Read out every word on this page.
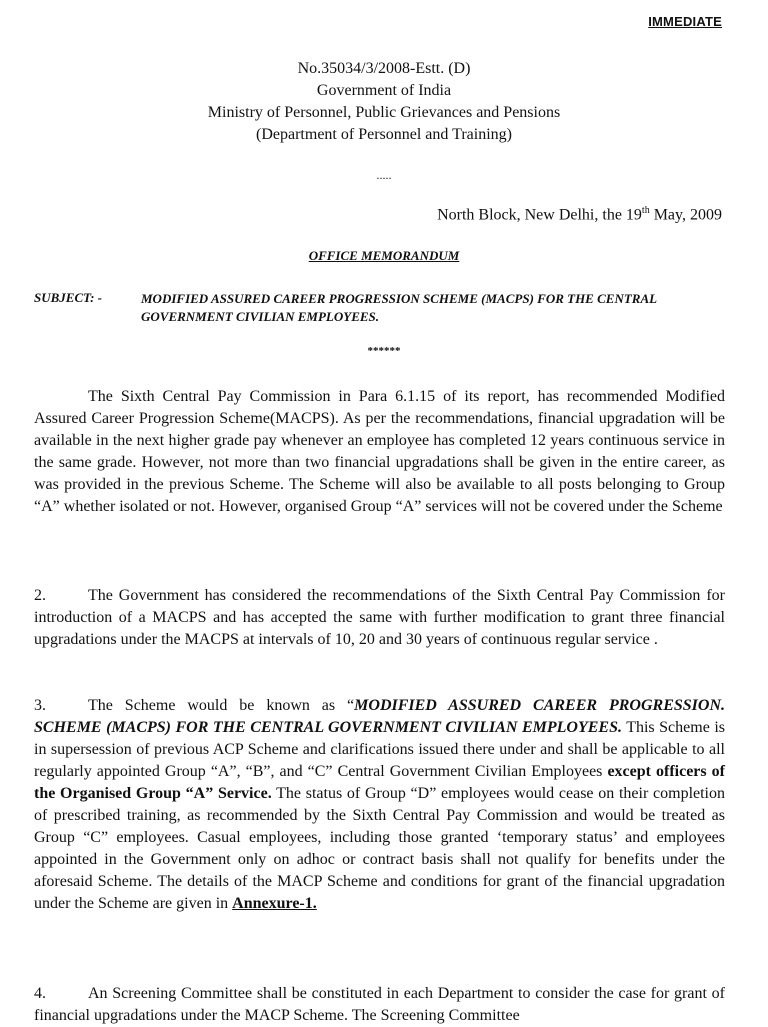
IMMEDIATE
No.35034/3/2008-Estt. (D)
Government of India
Ministry of Personnel, Public Grievances and Pensions
(Department of Personnel and Training)
.....
North Block, New Delhi, the 19th May, 2009
OFFICE MEMORANDUM
SUBJECT: -	MODIFIED ASSURED CAREER PROGRESSION SCHEME (MACPS) FOR THE CENTRAL GOVERNMENT CIVILIAN EMPLOYEES.
******
The Sixth Central Pay Commission in Para 6.1.15 of its report, has recommended Modified Assured Career Progression Scheme(MACPS). As per the recommendations, financial upgradation will be available in the next higher grade pay whenever an employee has completed 12 years continuous service in the same grade. However, not more than two financial upgradations shall be given in the entire career, as was provided in the previous Scheme. The Scheme will also be available to all posts belonging to Group “A” whether isolated or not. However, organised Group “A” services will not be covered under the Scheme
2.	The Government has considered the recommendations of the Sixth Central Pay Commission for introduction of a MACPS and has accepted the same with further modification to grant three financial upgradations under the MACPS at intervals of 10, 20 and 30 years of continuous regular service .
3.	The Scheme would be known as “MODIFIED ASSURED CAREER PROGRESSION. SCHEME (MACPS) FOR THE CENTRAL GOVERNMENT CIVILIAN EMPLOYEES. This Scheme is in supersession of previous ACP Scheme and clarifications issued there under and shall be applicable to all regularly appointed Group “A”, “B”, and “C” Central Government Civilian Employees except officers of the Organised Group “A” Service. The status of Group “D” employees would cease on their completion of prescribed training, as recommended by the Sixth Central Pay Commission and would be treated as Group “C” employees. Casual employees, including those granted ‘temporary status’ and employees appointed in the Government only on adhoc or contract basis shall not qualify for benefits under the aforesaid Scheme. The details of the MACP Scheme and conditions for grant of the financial upgradation under the Scheme are given in Annexure-1.
4.	An Screening Committee shall be constituted in each Department to consider the case for grant of financial upgradations under the MACP Scheme. The Screening Committee
